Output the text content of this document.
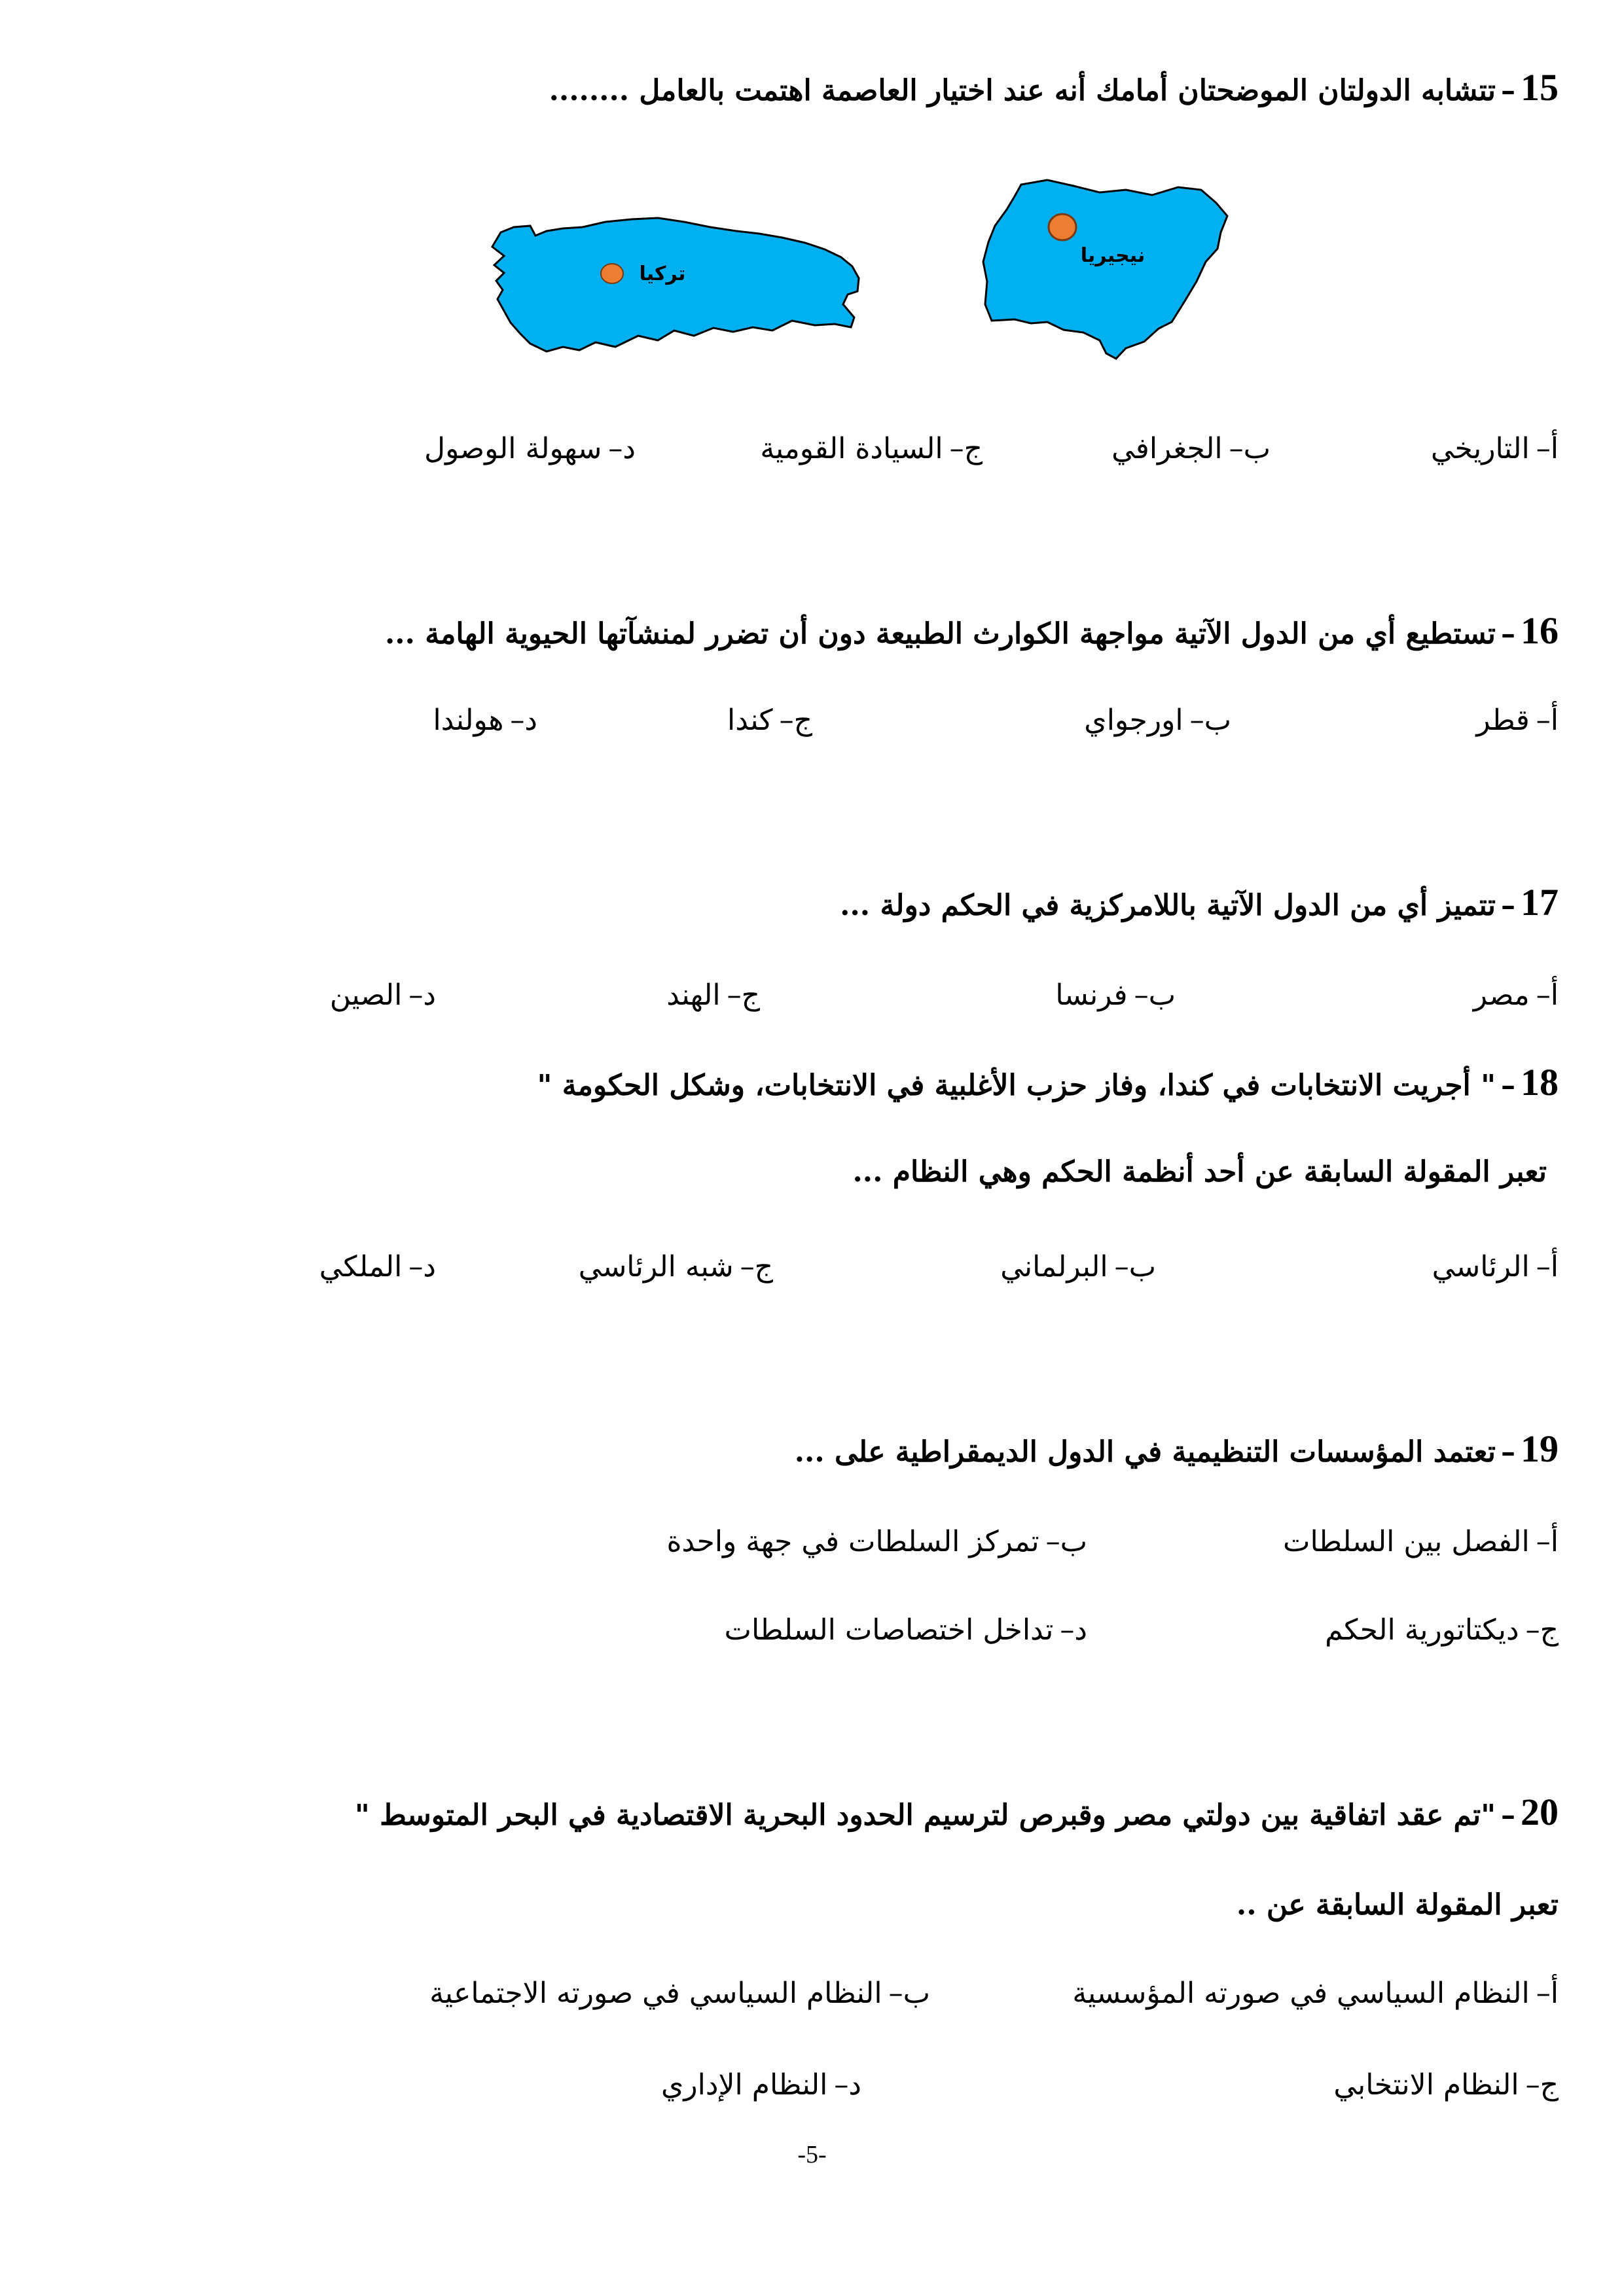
15–تتشابه الدولتان الموضحتان أمامك أنه عند اختيار العاصمة اهتمت بالعامل ........
تركيا
نيجيريا
أ–التاريخي
ب–الجغرافي
ج–السيادة القومية
د–سهولة الوصول
16–تستطيع أي من الدول الآتية مواجهة الكوارث الطبيعة دون أن تضرر لمنشآتها الحيوية الهامة ...
أ–قطر
ب–اورجواي
ج–كندا
د–هولندا
17–تتميز أي من الدول الآتية باللامركزية في الحكم دولة ...
أ–مصر
ب–فرنسا
ج–الهند
د–الصين
18–" أجريت الانتخابات في كندا، وفاز حزب الأغلبية في الانتخابات، وشكل الحكومة "
تعبر المقولة السابقة عن أحد أنظمة الحكم وهي النظام ...
أ–الرئاسي
ب–البرلماني
ج–شبه الرئاسي
د–الملكي
19–تعتمد المؤسسات التنظيمية في الدول الديمقراطية على ...
أ–الفصل بين السلطات
ب–تمركز السلطات في جهة واحدة
ج–ديكتاتورية الحكم
د–تداخل اختصاصات السلطات
20–"تم عقد اتفاقية بين دولتي مصر وقبرص لترسيم الحدود البحرية الاقتصادية في البحر المتوسط "
تعبر المقولة السابقة عن ..
أ–النظام السياسي في صورته المؤسسية
ب–النظام السياسي في صورته الاجتماعية
ج–النظام الانتخابي
د–النظام الإداري
-5-
